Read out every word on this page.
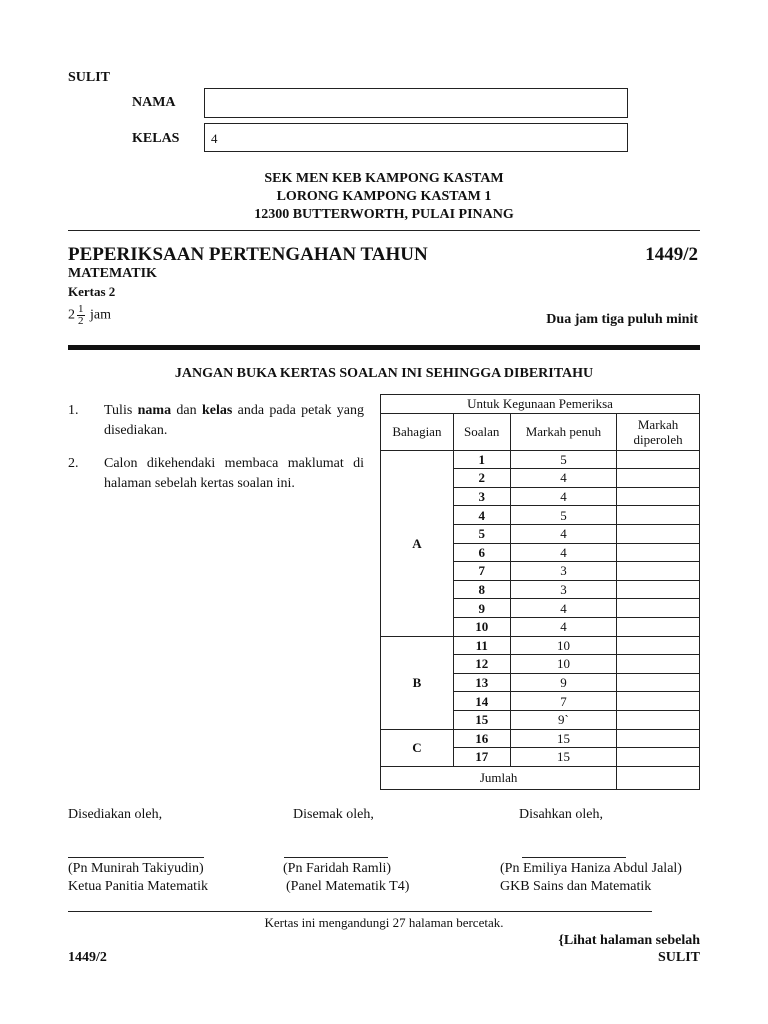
SULIT
NAMA
KELAS	4
SEK MEN KEB KAMPONG KASTAM
LORONG KAMPONG KASTAM 1
12300 BUTTERWORTH, PULAI PINANG
PEPERIKSAAN PERTENGAHAN TAHUN	1449/2
MATEMATIK
Kertas 2
$2 \frac{1}{2}$ jam	Dua jam tiga puluh minit
JANGAN BUKA KERTAS SOALAN INI SEHINGGA DIBERITAHU
1. Tulis nama dan kelas anda pada petak yang disediakan.
2. Calon dikehendaki membaca maklumat di halaman sebelah kertas soalan ini.
Untuk Kegunaan Pemeriksa			
Bahagian	Soalan	Markah penuh	Markah diperoleh
A	1	5	
	2	4	
	3	4	
	4	5	
	5	4	
	6	4	
	7	3	
	8	3	
	9	4	
	10	4	
B	11	10	
	12	10	
	13	9	
	14	7	
	15	9`	
C	16	15	
	17	15	
Jumlah			
Disediakan oleh,	Disemak oleh,	Disahkan oleh,
(Pn Munirah Takiyudin)	(Pn Faridah Ramli)	(Pn Emiliya Haniza Abdul Jalal)
Ketua Panitia Matematik	(Panel Matematik T4)	GKB Sains dan Matematik
Kertas ini mengandungi 27 halaman bercetak.
{Lihat halaman sebelah
1449/2	SULIT
